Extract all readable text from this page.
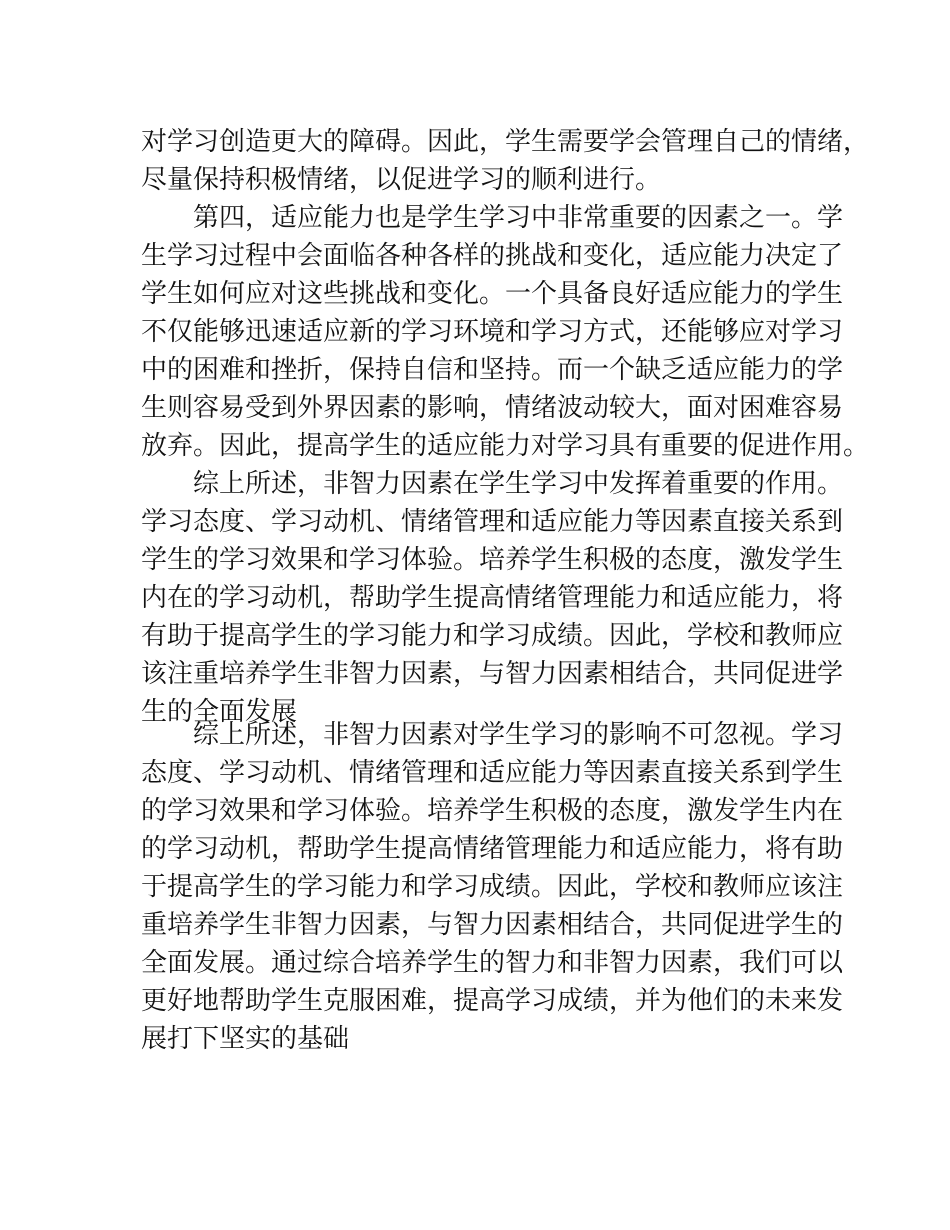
对学习创造更大的障碍。因此，学生需要学会管理自己的情绪，
尽量保持积极情绪，以促进学习的顺利进行。
第四，适应能力也是学生学习中非常重要的因素之一。学
生学习过程中会面临各种各样的挑战和变化，适应能力决定了
学生如何应对这些挑战和变化。一个具备良好适应能力的学生
不仅能够迅速适应新的学习环境和学习方式，还能够应对学习
中的困难和挫折，保持自信和坚持。而一个缺乏适应能力的学
生则容易受到外界因素的影响，情绪波动较大，面对困难容易
放弃。因此，提高学生的适应能力对学习具有重要的促进作用。
综上所述，非智力因素在学生学习中发挥着重要的作用。
学习态度、学习动机、情绪管理和适应能力等因素直接关系到
学生的学习效果和学习体验。培养学生积极的态度，激发学生
内在的学习动机，帮助学生提高情绪管理能力和适应能力，将
有助于提高学生的学习能力和学习成绩。因此，学校和教师应
该注重培养学生非智力因素，与智力因素相结合，共同促进学
生的全面发展
综上所述，非智力因素对学生学习的影响不可忽视。学习
态度、学习动机、情绪管理和适应能力等因素直接关系到学生
的学习效果和学习体验。培养学生积极的态度，激发学生内在
的学习动机，帮助学生提高情绪管理能力和适应能力，将有助
于提高学生的学习能力和学习成绩。因此，学校和教师应该注
重培养学生非智力因素，与智力因素相结合，共同促进学生的
全面发展。通过综合培养学生的智力和非智力因素，我们可以
更好地帮助学生克服困难，提高学习成绩，并为他们的未来发
展打下坚实的基础
